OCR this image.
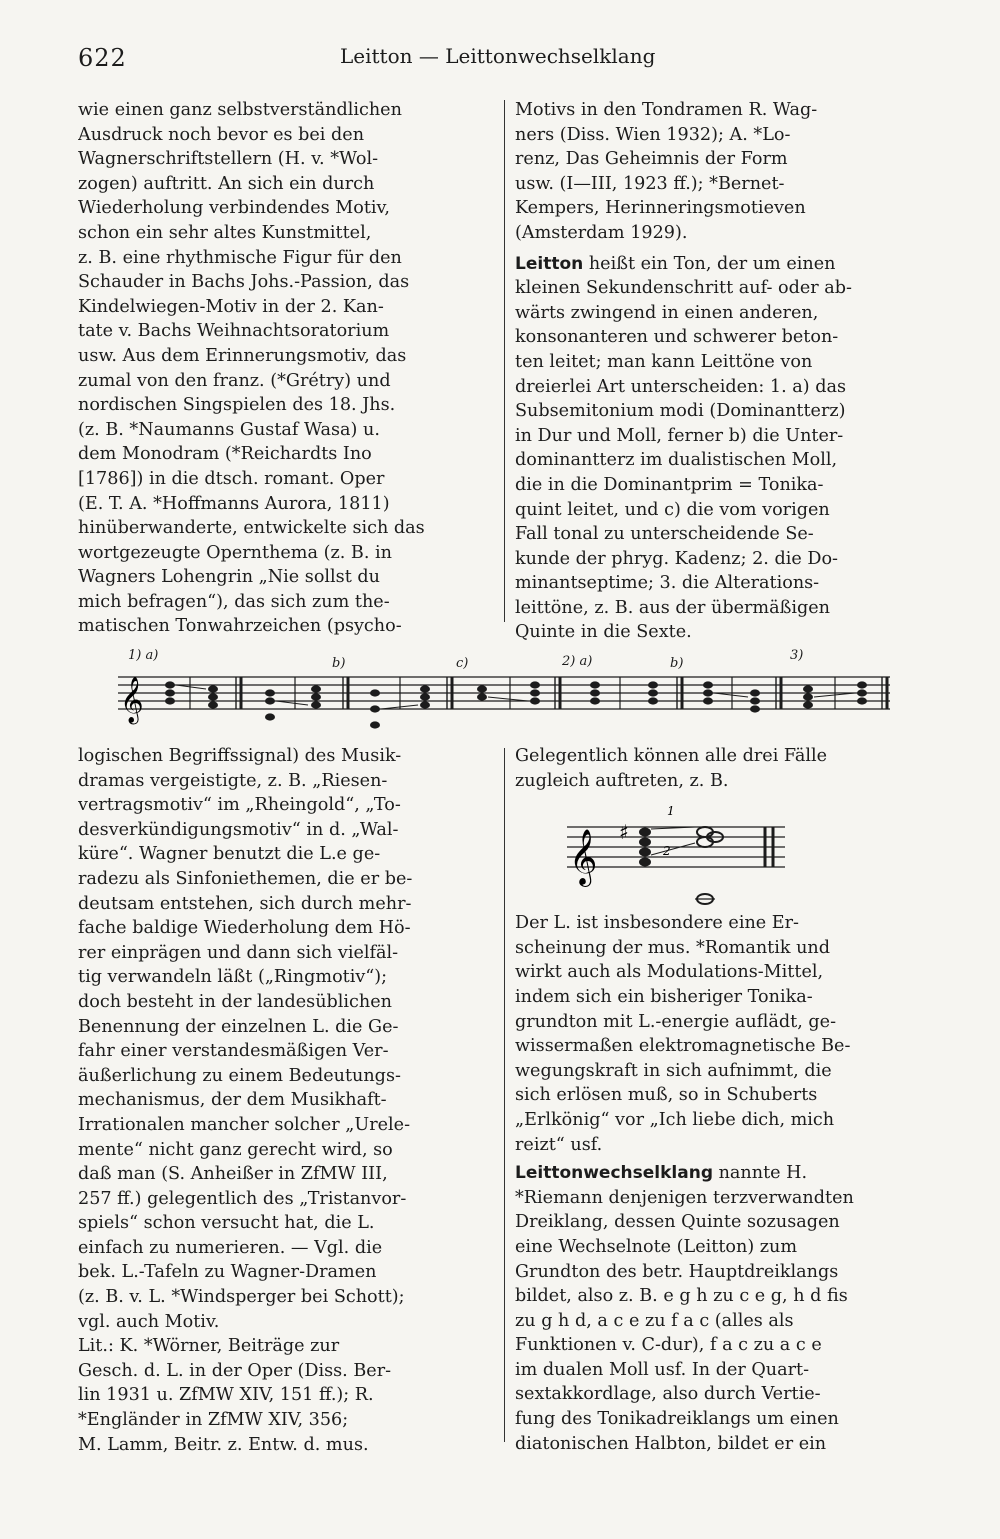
622	Leitton — Leittonwechselklang
wie einen ganz selbstverständlichen
Ausdruck noch bevor es bei den
Wagnerschriftstellern (H. v. *Wol-
zogen) auftritt. An sich ein durch
Wiederholung verbindendes Motiv,
schon ein sehr altes Kunstmittel,
z. B. eine rhythmische Figur für den
Schauder in Bachs Johs.-Passion, das
Kindelwiegen-Motiv in der 2. Kan-
tate v. Bachs Weihnachtsoratorium
usw. Aus dem Erinnerungsmotiv, das
zumal von den franz. (*Grétry) und
nordischen Singspielen des 18. Jhs.
(z. B. *Naumanns Gustaf Wasa) u.
dem Monodram (*Reichardts Ino
[1786]) in die dtsch. romant. Oper
(E. T. A. *Hoffmanns Aurora, 1811)
hinüberwanderte, entwickelte sich das
wortgezeugte Opernthema (z. B. in
Wagners Lohengrin „Nie sollst du
mich befragen“), das sich zum the-
matischen Tonwahrzeichen (psycho-
Motivs in den Tondramen R. Wag-
ners (Diss. Wien 1932); A. *Lo-
renz, Das Geheimnis der Form
usw. (I—III, 1923 ff.); *Bernet-
Kempers, Herinneringsmotieven
(Amsterdam 1929).
Leitton heißt ein Ton, der um einen
kleinen Sekundenschritt auf- oder ab-
wärts zwingend in einen anderen,
konsonanteren und schwerer beton-
ten leitet; man kann Leittöne von
dreierlei Art unterscheiden: 1. a) das
Subsemitonium modi (Dominantterz)
in Dur und Moll, ferner b) die Unter-
dominantterz im dualistischen Moll,
die in die Dominantprim = Tonika-
quint leitet, und c) die vom vorigen
Fall tonal zu unterscheidende Se-
kunde der phryg. Kadenz; 2. die Do-
minantseptime; 3. die Alterations-
leittöne, z. B. aus der übermäßigen
Quinte in die Sexte.
𝄞
1) a)
b)	c)	2) a)	b)
3)
logischen Begriffssignal) des Musik-
dramas vergeistigte, z. B. „Riesen-
vertragsmotiv“ im „Rheingold“, „To-
desverkündigungsmotiv“ in d. „Wal-
küre“. Wagner benutzt die L.e ge-
radezu als Sinfoniethemen, die er be-
deutsam entstehen, sich durch mehr-
fache baldige Wiederholung dem Hö-
rer einprägen und dann sich vielfäl-
tig verwandeln läßt („Ringmotiv“);
doch besteht in der landesüblichen
Benennung der einzelnen L. die Ge-
fahr einer verstandesmäßigen Ver-
äußerlichung zu einem Bedeutungs-
mechanismus, der dem Musikhaft-
Irrationalen mancher solcher „Urele-
mente“ nicht ganz gerecht wird, so
daß man (S. Anheißer in ZfMW III,
257 ff.) gelegentlich des „Tristanvor-
spiels“ schon versucht hat, die L.
einfach zu numerieren. — Vgl. die
bek. L.-Tafeln zu Wagner-Dramen
(z. B. v. L. *Windsperger bei Schott);
vgl. auch Motiv.
Lit.: K. *Wörner, Beiträge zur
Gesch. d. L. in der Oper (Diss. Ber-
lin 1931 u. ZfMW XIV, 151 ff.); R.
*Engländer in ZfMW XIV, 356;
M. Lamm, Beitr. z. Entw. d. mus.
Gelegentlich können alle drei Fälle
zugleich auftreten, z. B.
𝄞 ♯
1
2
Der L. ist insbesondere eine Er-
scheinung der mus. *Romantik und
wirkt auch als Modulations-Mittel,
indem sich ein bisheriger Tonika-
grundton mit L.-energie auflädt, ge-
wissermaßen elektromagnetische Be-
wegungskraft in sich aufnimmt, die
sich erlösen muß, so in Schuberts
„Erlkönig“ vor „Ich liebe dich, mich
reizt“ usf.
Leittonwechselklang nannte H.
*Riemann denjenigen terzverwandten
Dreiklang, dessen Quinte sozusagen
eine Wechselnote (Leitton) zum
Grundton des betr. Hauptdreiklangs
bildet, also z. B. e g h zu c e g, h d fis
zu g h d, a c e zu f a c (alles als
Funktionen v. C-dur), f a c zu a c e
im dualen Moll usf. In der Quart-
sextakkordlage, also durch Vertie-
fung des Tonikadreiklangs um einen
diatonischen Halbton, bildet er ein
